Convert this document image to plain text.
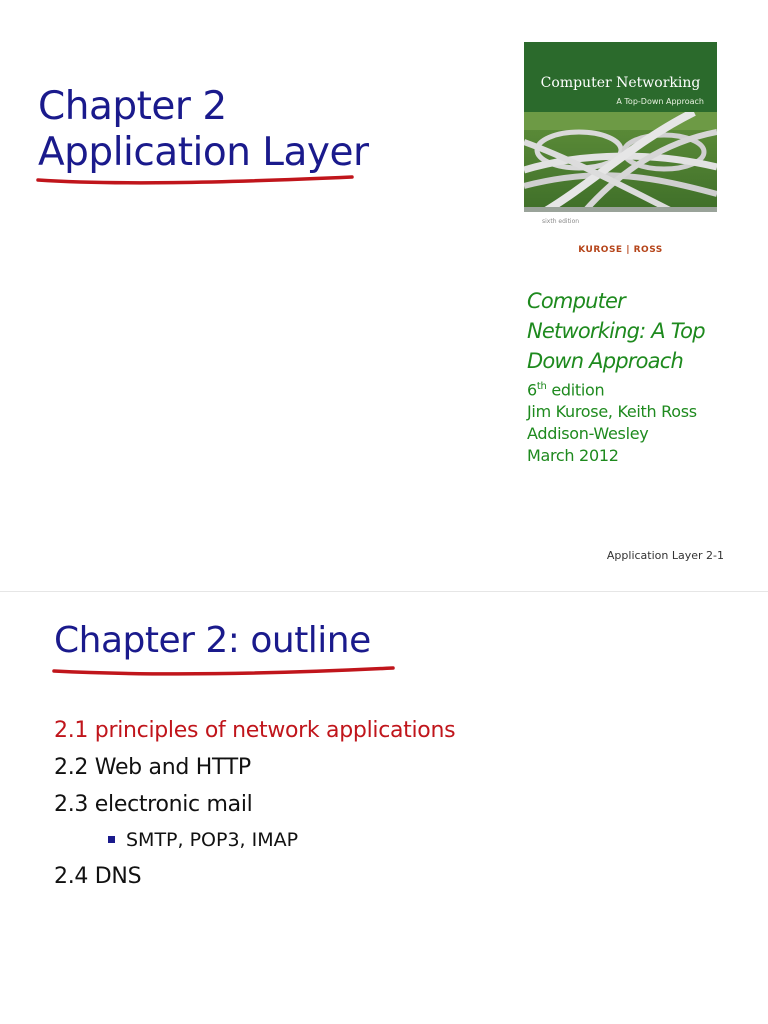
Chapter 2
Application Layer
Computer Networking
A Top-Down Approach
sixth edition
KUROSE | ROSS
Computer
Networking: A Top
Down Approach
6th edition
Jim Kurose, Keith Ross
Addison-Wesley
March 2012
Application Layer 2-1
Chapter 2: outline
2.1 principles of network applications
2.2 Web and HTTP
2.3 electronic mail
SMTP, POP3, IMAP
2.4 DNS
